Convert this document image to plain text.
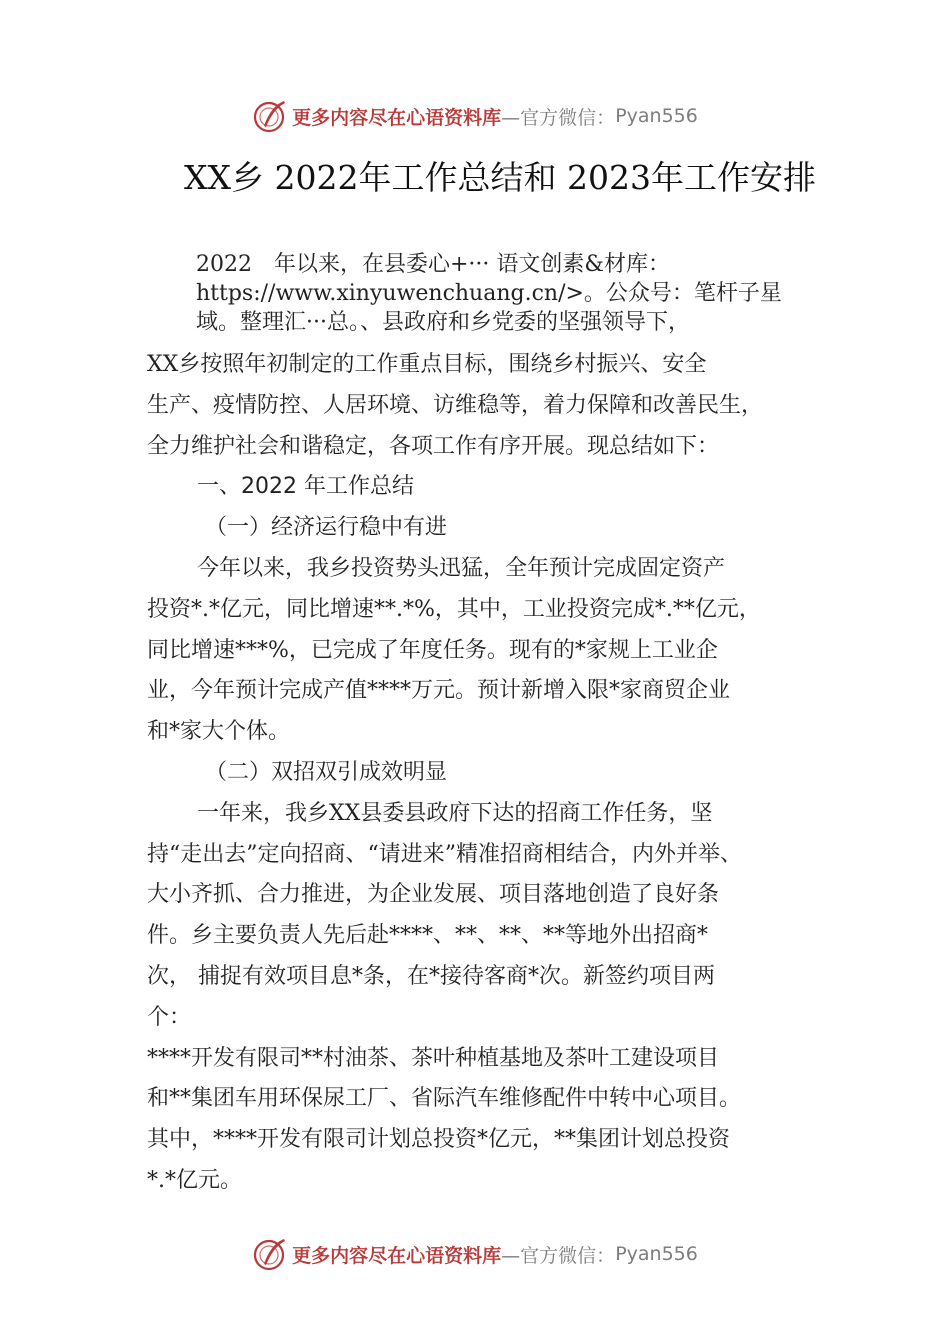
更多内容尽在心语资料库 —官方微信： Pyan556
XX乡 2022年工作总结和 2023年工作安排

2022　年以来，在县委心+··· 语文创素&材库：

https://www.xinyuwenchuang.cn/>。公众号：笔杆子星

域。整理汇···总。、县政府和乡党委的坚强领导下，

XX乡按照年初制定的工作重点目标，围绕乡村振兴、安全

生产、疫情防控、人居环境、访维稳等，着力保障和改善民生，

全力维护社会和谐稳定，各项工作有序开展。现总结如下：

一、2022 年工作总结

（一）经济运行稳中有进

今年以来，我乡投资势头迅猛，全年预计完成固定资产

投资*.*亿元，同比增速**.*%，其中，工业投资完成*.**亿元，

同比增速***%，已完成了年度任务。现有的*家规上工业企

业，今年预计完成产值****万元。预计新增入限*家商贸企业

和*家大个体。

（二）双招双引成效明显

一年来，我乡XX县委县政府下达的招商工作任务，坚

持“走出去”定向招商、“请进来”精准招商相结合，内外并举、

大小齐抓、合力推进，为企业发展、项目落地创造了良好条

件。乡主要负责人先后赴****、**、**、**等地外出招商*

次， 捕捉有效项目息*条，在*接待客商*次。新签约项目两

个：

****开发有限司**村油茶、茶叶种植基地及茶叶工建设项目

和**集团车用环保尿工厂、省际汽车维修配件中转中心项目。

其中，****开发有限司计划总投资*亿元，**集团计划总投资

*.*亿元。

更多内容尽在心语资料库 —官方微信： Pyan556
